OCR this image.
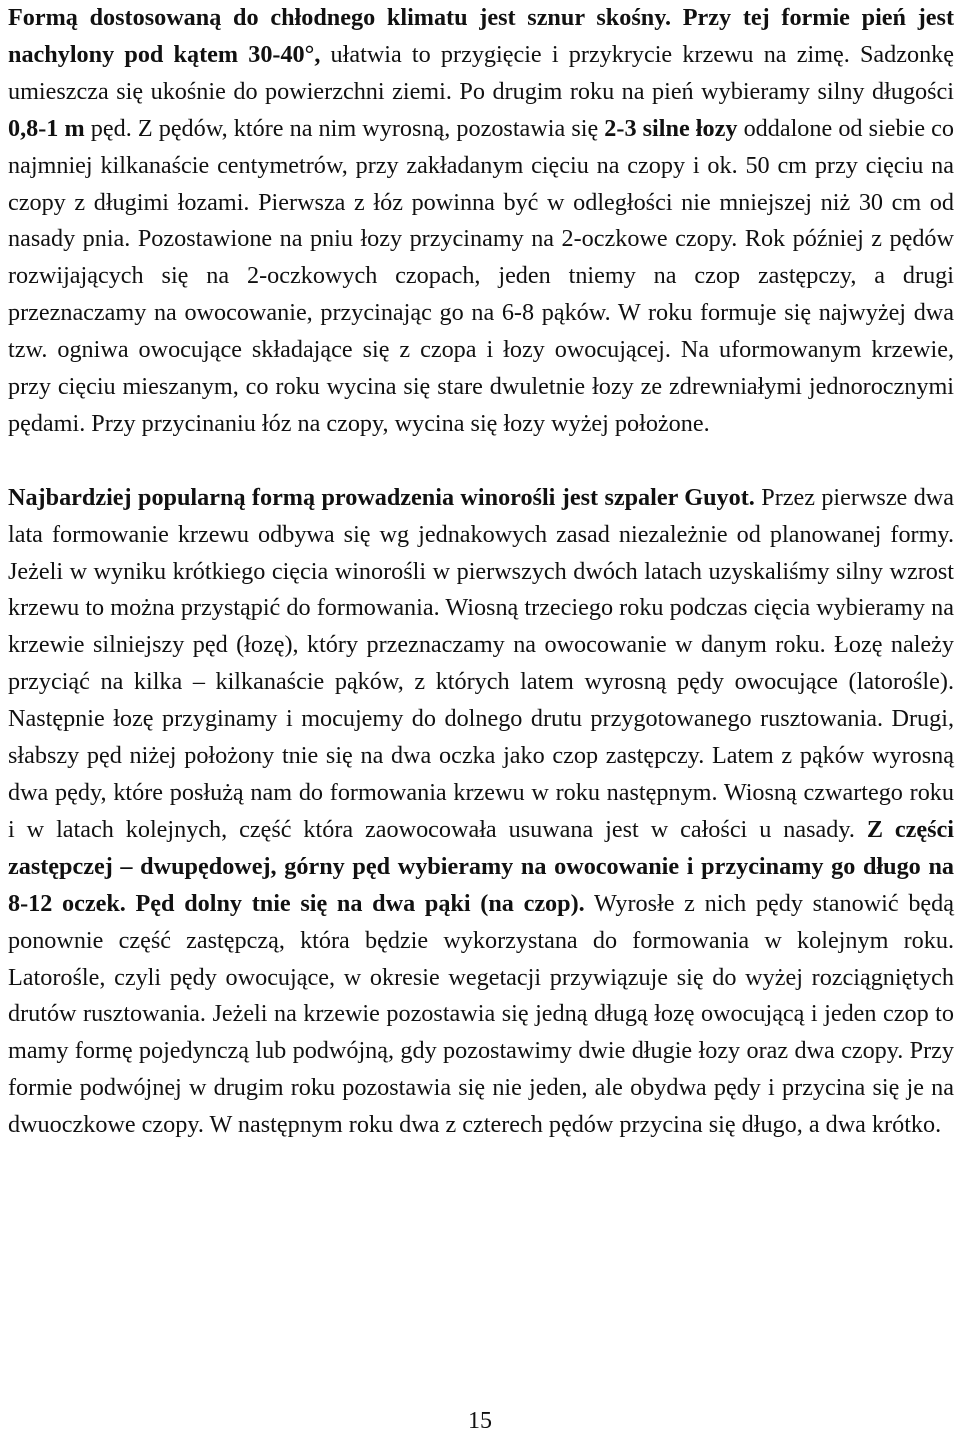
Formą dostosowaną do chłodnego klimatu jest sznur skośny. Przy tej formie pień jest nachylony pod kątem 30-40°, ułatwia to przygięcie i przykrycie krzewu na zimę. Sadzonkę umieszcza się ukośnie do powierzchni ziemi. Po drugim roku na pień wybieramy silny długości 0,8-1 m pęd. Z pędów, które na nim wyrosną, pozostawia się 2-3 silne łozy oddalone od siebie co najmniej kilkanaście centymetrów, przy zakładanym cięciu na czopy i ok. 50 cm przy cięciu na czopy z długimi łozami. Pierwsza z łóz powinna być w odległości nie mniejszej niż 30 cm od nasady pnia. Pozostawione na pniu łozy przycinamy na 2-oczkowe czopy. Rok później z pędów rozwijających się na 2-oczkowych czopach, jeden tniemy na czop zastępczy, a drugi przeznaczamy na owocowanie, przycinając go na 6-8 pąków. W roku formuje się najwyżej dwa tzw. ogniwa owocujące składające się z czopa i łozy owocującej. Na uformowanym krzewie, przy cięciu mieszanym, co roku wycina się stare dwuletnie łozy ze zdrewniałymi jednorocznymi pędami. Przy przycinaniu łóz na czopy, wycina się łozy wyżej położone.

Najbardziej popularną formą prowadzenia winorośli jest szpaler Guyot. Przez pierwsze dwa lata formowanie krzewu odbywa się wg jednakowych zasad niezależnie od planowanej formy. Jeżeli w wyniku krótkiego cięcia winorośli w pierwszych dwóch latach uzyskaliśmy silny wzrost krzewu to można przystąpić do formowania. Wiosną trzeciego roku podczas cięcia wybieramy na krzewie silniejszy pęd (łozę), który przeznaczamy na owocowanie w danym roku. Łozę należy przyciąć na kilka – kilkanaście pąków, z których latem wyrosną pędy owocujące (latorośle). Następnie łozę przyginamy i mocujemy do dolnego drutu przygotowanego rusztowania. Drugi, słabszy pęd niżej położony tnie się na dwa oczka jako czop zastępczy. Latem z pąków wyrosną dwa pędy, które posłużą nam do formowania krzewu w roku następnym. Wiosną czwartego roku i w latach kolejnych, część która zaowocowała usuwana jest w całości u nasady. Z części zastępczej – dwupędowej, górny pęd wybieramy na owocowanie i przycinamy go długo na 8-12 oczek. Pęd dolny tnie się na dwa pąki (na czop). Wyrosłe z nich pędy stanowić będą ponownie część zastępczą, która będzie wykorzystana do formowania w kolejnym roku. Latorośle, czyli pędy owocujące, w okresie wegetacji przywiązuje się do wyżej rozciągniętych drutów rusztowania. Jeżeli na krzewie pozostawia się jedną długą łozę owocującą i jeden czop to mamy formę pojedynczą lub podwójną, gdy pozostawimy dwie długie łozy oraz dwa czopy. Przy formie podwójnej w drugim roku pozostawia się nie jeden, ale obydwa pędy i przycina się je na dwuoczkowe czopy. W następnym roku dwa z czterech pędów przycina się długo, a dwa krótko.

15
